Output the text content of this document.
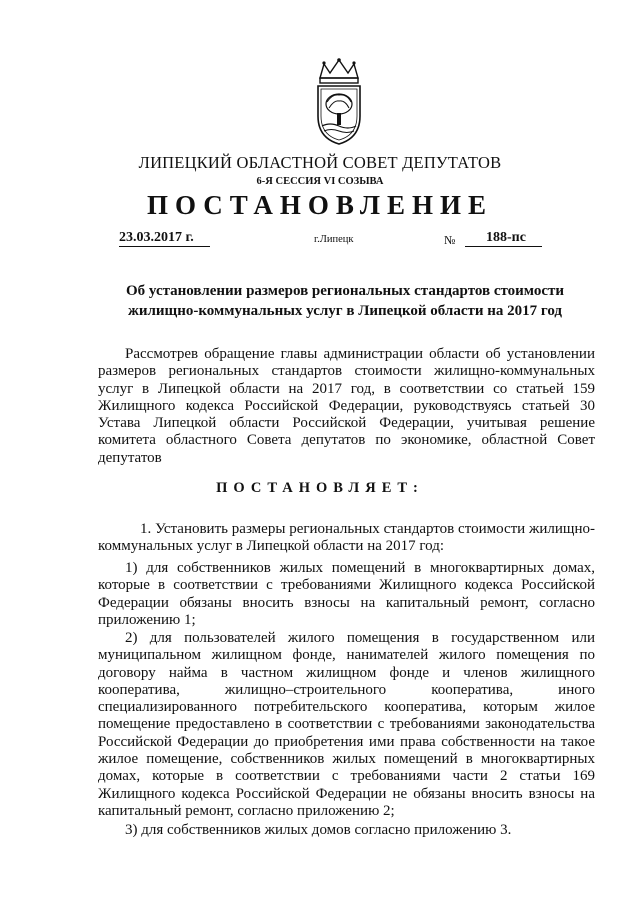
ЛИПЕЦКИЙ ОБЛАСТНОЙ СОВЕТ ДЕПУТАТОВ
6-Я СЕССИЯ VI СОЗЫВА
ПОСТАНОВЛЕНИЕ
23.03.2017 г.	г.Липецк	№	188-пс
Об установлении размеров региональных стандартов стоимости жилищно-коммунальных услуг в Липецкой области на 2017 год

Рассмотрев обращение главы администрации области об установлении размеров региональных стандартов стоимости жилищно-коммунальных услуг в Липецкой области на 2017 год, в соответствии со статьей 159 Жилищного кодекса Российской Федерации, руководствуясь статьей 30 Устава Липецкой области Российской Федерации, учитывая решение комитета областного Совета депутатов по экономике, областной Совет депутатов

ПОСТАНОВЛЯЕТ:

1. Установить размеры региональных стандартов стоимости жилищно-коммунальных услуг в Липецкой области на 2017 год:

1) для собственников жилых помещений в многоквартирных домах, которые в соответствии с требованиями Жилищного кодекса Российской Федерации обязаны вносить взносы на капитальный ремонт, согласно приложению 1;

2) для пользователей жилого помещения в государственном или муниципальном жилищном фонде, нанимателей жилого помещения по договору найма в частном жилищном фонде и членов жилищного кооператива, жилищно–строительного кооператива, иного специализированного потребительского кооператива, которым жилое помещение предоставлено в соответствии с требованиями законодательства Российской Федерации до приобретения ими права собственности на такое жилое помещение, собственников жилых помещений в многоквартирных домах, которые в соответствии с требованиями части 2 статьи 169 Жилищного кодекса Российской Федерации не обязаны вносить взносы на капитальный ремонт, согласно приложению 2;

3) для собственников жилых домов согласно приложению 3.
